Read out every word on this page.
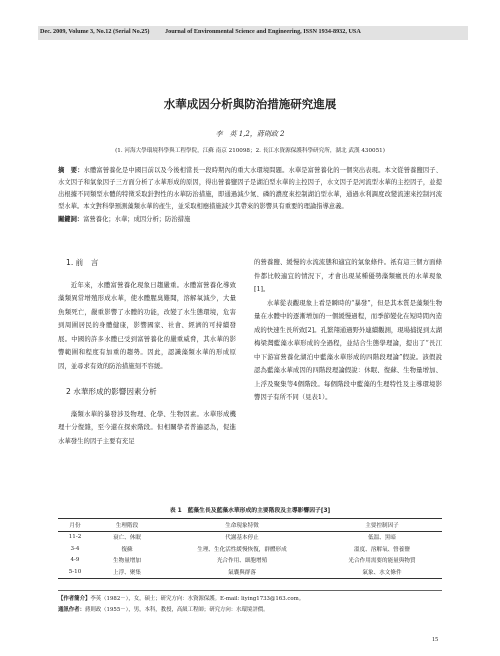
Dec. 2009, Volume 3, No.12 (Serial No.25)	Journal of Environmental Science and Engineering, ISSN 1934-8932, USA
水華成因分析與防治措施研究進展
李　英 1,2，蔣則政 2
(1. 河海大學環境科學與工程學院，江蘇 南京 210098；2. 長江水資源保護科學研究所，湖北 武漢 430051)
摘　要：水體富營養化是中國目前以及今後相當長一段時期內的重大水環境問題。水華是富營養化的一個突出表現。本文從營養鹽因子、水文因子和氣象因子三方面分析了水華形成的原因，得出營養鹽因子是湖泊型水華的主控因子，水文因子是河流型水華的主控因子，並提出根據不同類型水體的特徵采取針對性的水華防治措施，即通過減少氮、磷的濃度來控制湖泊型水華，通過水利調度改變流速來控制河流型水華。本文對科學預測藻類水華的產生，並采取相應措施減少其帶來的影響具有重要的理論指導意義。
關鍵詞：富營養化；水華；成因分析；防治措施
1. 前　言
近年來，水體富營養化現象日趨嚴重。水體富營養化導致藻類異常增殖形成水華，使水體腥臭難聞，溶解氧減少，大量魚類死亡，嚴重影響了水體的功能，改變了水生態環境，危害到周圍居民的身體健康，影響國家、社會、經濟的可持續發展。中國的許多水體已受到富營養化的嚴重威脅，其水華的影響範圍和程度有加重的趨勢。因此，認識藻類水華的形成原因，並尋求有效的防治措施刻不容緩。
2 水華形成的影響因素分析
藻類水華的暴發涉及物理、化學、生物因素。水華形成機理十分復雜，至今還在探索階段。但相關學者普遍認為，促進水華發生的因子主要有充足
的營養鹽、緩慢的水流流態和適宜的氣象條件。祇有這三個方面條件都比較適宜的情況下，才會出現某種優勢藻類瘋長的水華現象[1]。
水華從表觀現象上看是瞬時的“暴發”，但是其本質是藻類生物量在水體中的逐漸增加的一個緩慢過程，而季節變化在短時間內造成的快速生長所致[2]。孔繁翔通過野外連續觀測，現場捕捉到太湖梅梁灣藍藻水華形成的全過程，並結合生態學理論，提出了“長江中下游富營養化湖泊中藍藻水華形成的四階段理論”假說。該假說認為藍藻水華成因的四階段理論假說：休眠、復蘇、生物量增加、上浮及聚集等4個階段。每個階段中藍藻的生理特性及主導環境影響因子有所不同（見表1）。
表 1　 藍藻生長及藍藻水華形成的主要階段及主導影響因子[3]
月份	生理階段	生命現象特徵	主要控制因子
11-2	衰亡、休眠	代謝基本停止	低溫、黑暗
3-4	復蘇	生理、生化活性緩慢恢復，群體形成	溫度、溶解氧、營養鹽
4-9	生物量增加	光合作用、細胞增殖	光合作用需要的能量與物質
5-10	上浮、聚集	氣囊與群落	氣象、水文條件
【作者簡介】李英（1982－），女，碩士；研究方向：水資源保護。E-mail: liying1733@163.com。
通訊作者：蔣則政（1955－），男，本科，教授，高級工程師；研究方向：水環境評價。
15
